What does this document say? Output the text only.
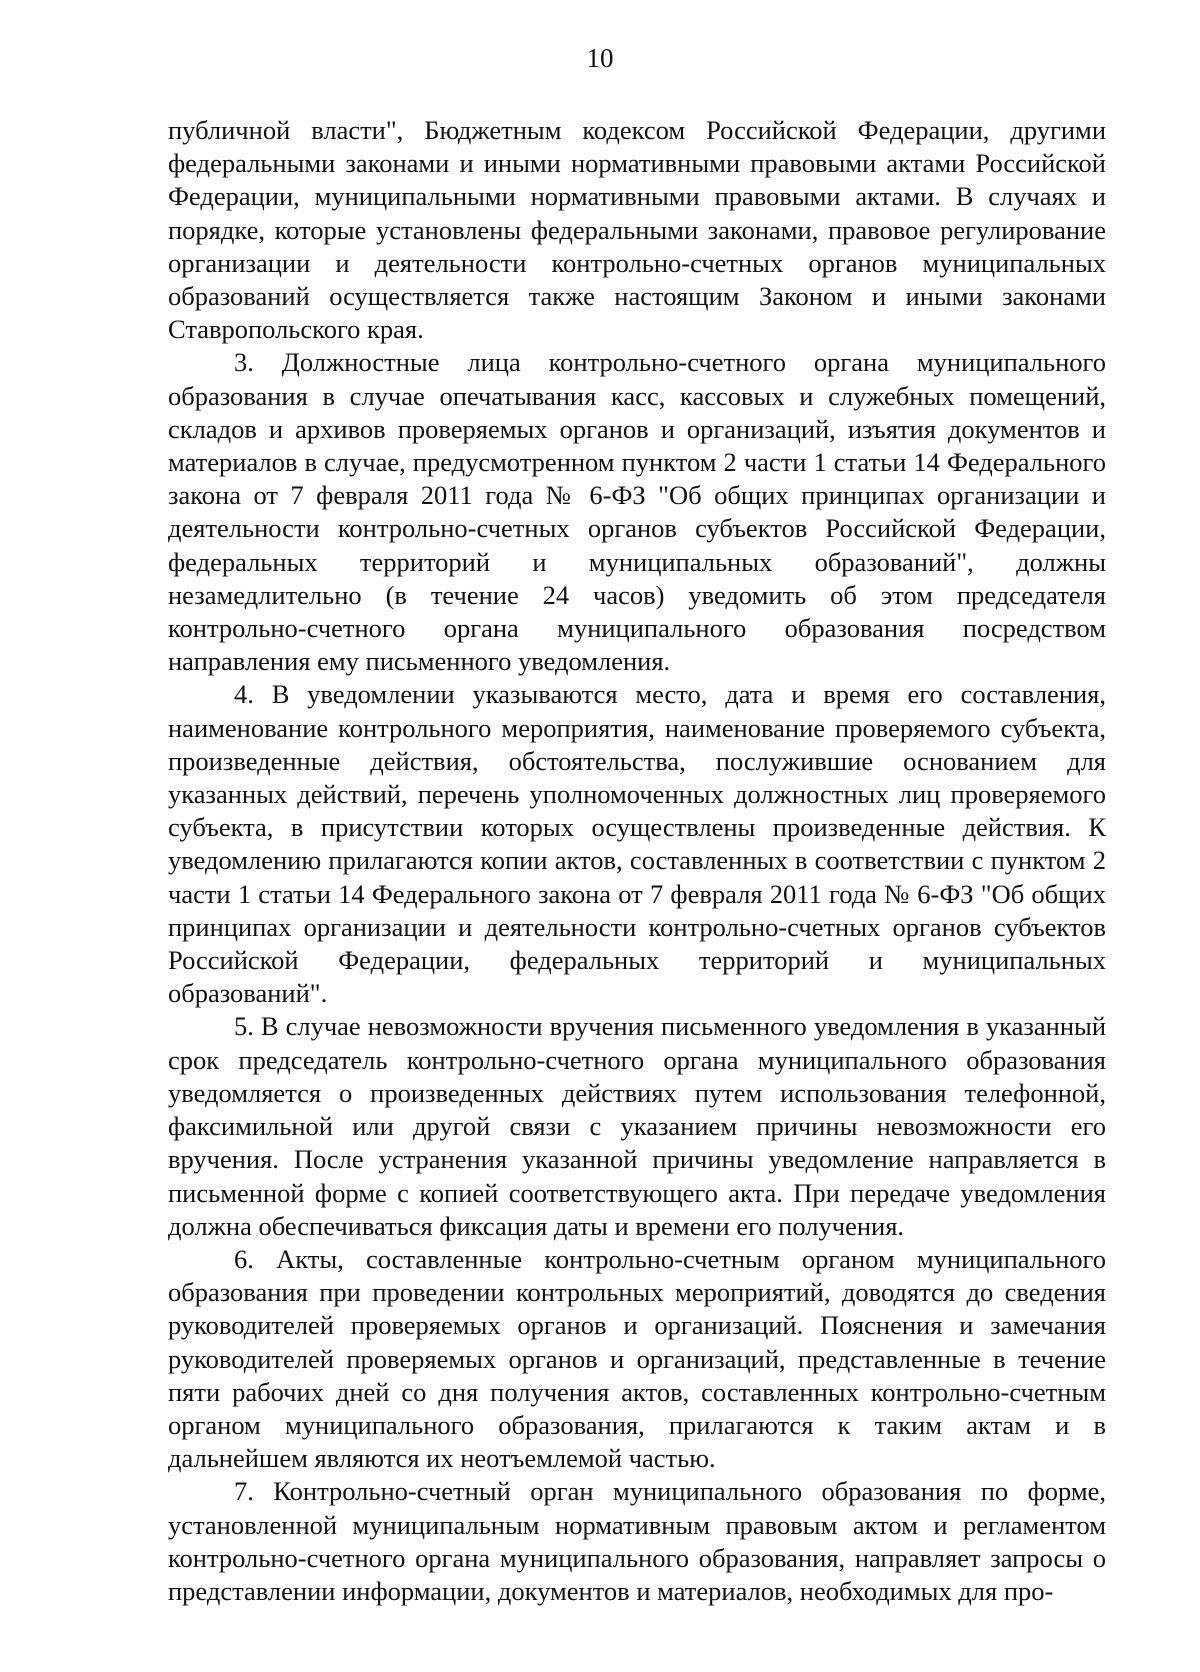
10

публичной власти", Бюджетным кодексом Российской Федерации, другими федеральными законами и иными нормативными правовыми актами Российской Федерации, муниципальными нормативными правовыми актами. В случаях и порядке, которые установлены федеральными законами, правовое регулирование организации и деятельности контрольно-счетных органов муниципальных образований осуществляется также настоящим Законом и иными законами Ставропольского края.

3. Должностные лица контрольно-счетного органа муниципального образования в случае опечатывания касс, кассовых и служебных помещений, складов и архивов проверяемых органов и организаций, изъятия документов и материалов в случае, предусмотренном пунктом 2 части 1 статьи 14 Федерального закона от 7 февраля 2011 года № 6-ФЗ "Об общих принципах организации и деятельности контрольно-счетных органов субъектов Российской Федерации, федеральных территорий и муниципальных образований", должны незамедлительно (в течение 24 часов) уведомить об этом председателя контрольно-счетного органа муниципального образования посредством направления ему письменного уведомления.

4. В уведомлении указываются место, дата и время его составления, наименование контрольного мероприятия, наименование проверяемого субъекта, произведенные действия, обстоятельства, послужившие основанием для указанных действий, перечень уполномоченных должностных лиц проверяемого субъекта, в присутствии которых осуществлены произведенные действия. К уведомлению прилагаются копии актов, составленных в соответствии с пунктом 2 части 1 статьи 14 Федерального закона от 7 февраля 2011 года № 6-ФЗ "Об общих принципах организации и деятельности контрольно-счетных органов субъектов Российской Федерации, федеральных территорий и муниципальных образований".

5. В случае невозможности вручения письменного уведомления в указанный срок председатель контрольно-счетного органа муниципального образования уведомляется о произведенных действиях путем использования телефонной, факсимильной или другой связи с указанием причины невозможности его вручения. После устранения указанной причины уведомление направляется в письменной форме с копией соответствующего акта. При передаче уведомления должна обеспечиваться фиксация даты и времени его получения.

6. Акты, составленные контрольно-счетным органом муниципального образования при проведении контрольных мероприятий, доводятся до сведения руководителей проверяемых органов и организаций. Пояснения и замечания руководителей проверяемых органов и организаций, представленные в течение пяти рабочих дней со дня получения актов, составленных контрольно-счетным органом муниципального образования, прилагаются к таким актам и в дальнейшем являются их неотъемлемой частью.

7. Контрольно-счетный орган муниципального образования по форме, установленной муниципальным нормативным правовым актом и регламентом контрольно-счетного органа муниципального образования, направляет запросы о представлении информации, документов и материалов, необходимых для про-
